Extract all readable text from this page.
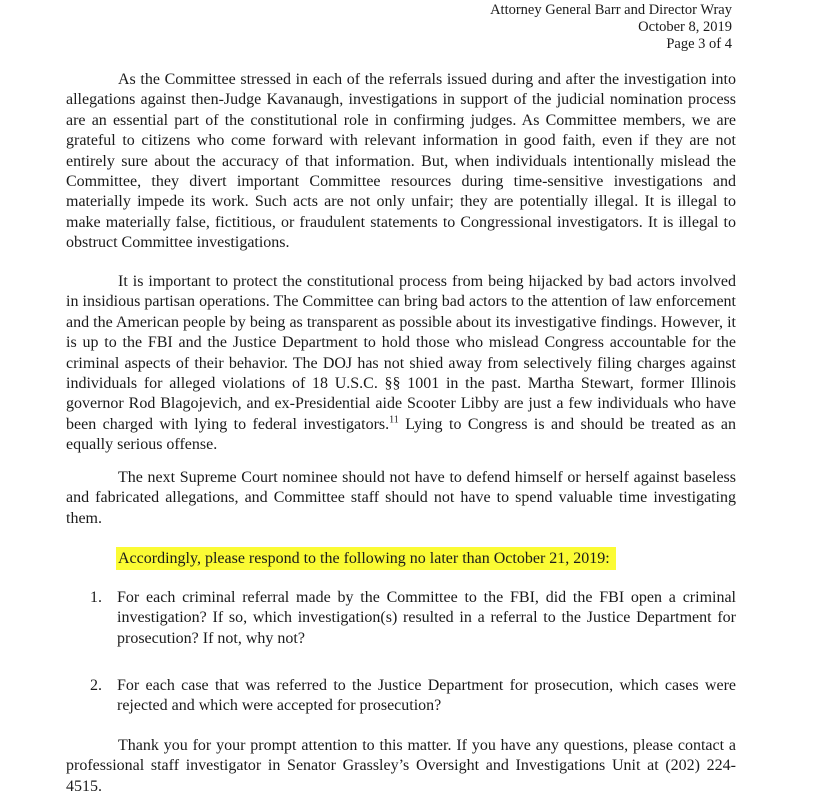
Attorney General Barr and Director Wray
October 8, 2019
Page 3 of 4

As the Committee stressed in each of the referrals issued during and after the investigation into allegations against then-Judge Kavanaugh, investigations in support of the judicial nomination process are an essential part of the constitutional role in confirming judges. As Committee members, we are grateful to citizens who come forward with relevant information in good faith, even if they are not entirely sure about the accuracy of that information. But, when individuals intentionally mislead the Committee, they divert important Committee resources during time-sensitive investigations and materially impede its work. Such acts are not only unfair; they are potentially illegal. It is illegal to make materially false, fictitious, or fraudulent statements to Congressional investigators. It is illegal to obstruct Committee investigations.

It is important to protect the constitutional process from being hijacked by bad actors involved in insidious partisan operations. The Committee can bring bad actors to the attention of law enforcement and the American people by being as transparent as possible about its investigative findings. However, it is up to the FBI and the Justice Department to hold those who mislead Congress accountable for the criminal aspects of their behavior. The DOJ has not shied away from selectively filing charges against individuals for alleged violations of 18 U.S.C. §§ 1001 in the past. Martha Stewart, former Illinois governor Rod Blagojevich, and ex-Presidential aide Scooter Libby are just a few individuals who have been charged with lying to federal investigators.$^{11}$ Lying to Congress is and should be treated as an equally serious offense.

The next Supreme Court nominee should not have to defend himself or herself against baseless and fabricated allegations, and Committee staff should not have to spend valuable time investigating them.

Accordingly, please respond to the following no later than October 21, 2019:
1. For each criminal referral made by the Committee to the FBI, did the FBI open a criminal investigation? If so, which investigation(s) resulted in a referral to the Justice Department for prosecution? If not, why not?
2. For each case that was referred to the Justice Department for prosecution, which cases were rejected and which were accepted for prosecution?

Thank you for your prompt attention to this matter. If you have any questions, please contact a professional staff investigator in Senator Grassley’s Oversight and Investigations Unit at (202) 224-4515.
